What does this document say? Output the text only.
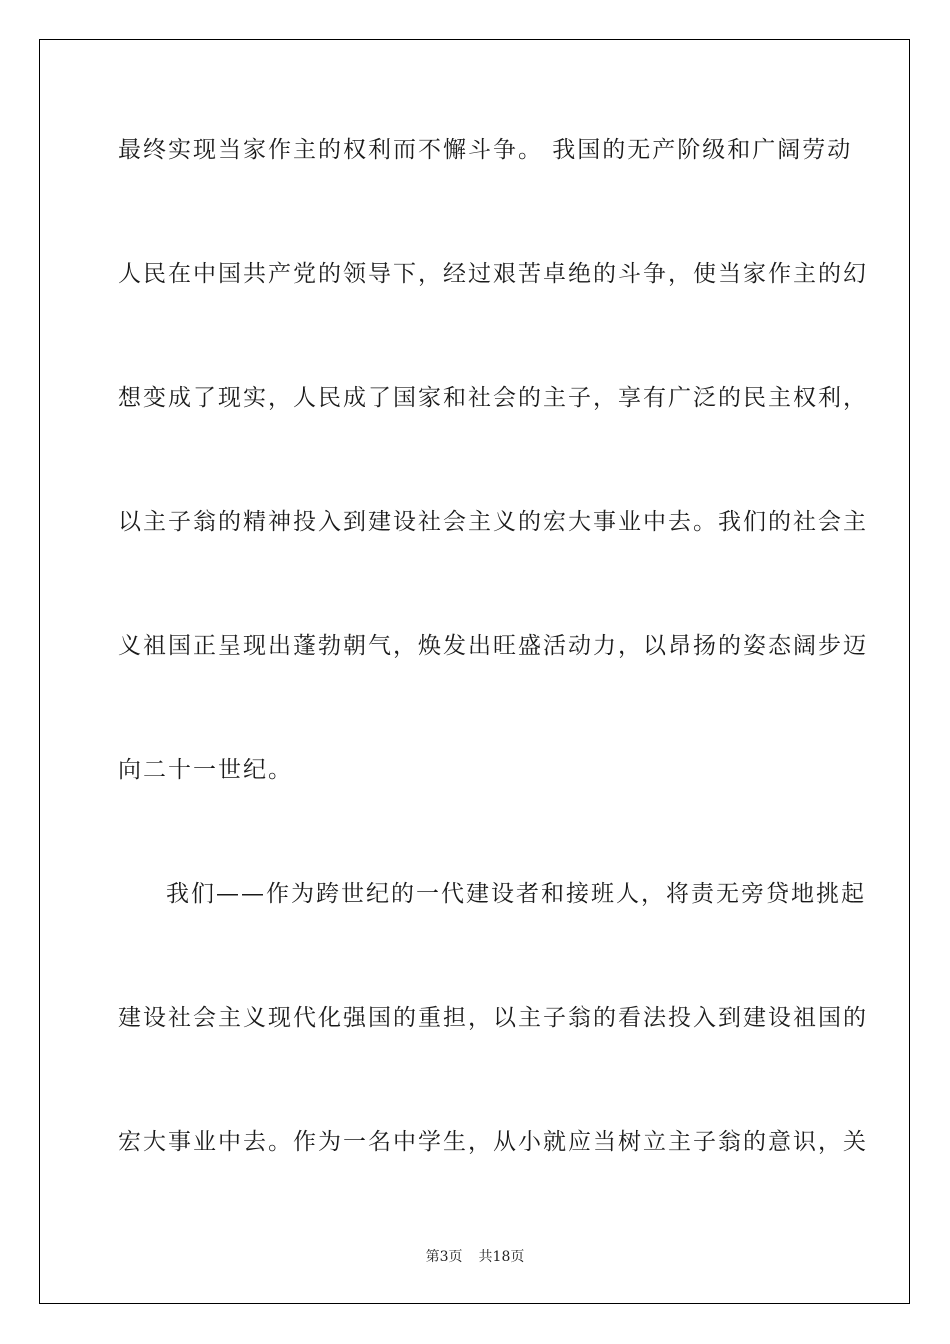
最终实现当家作主的权利而不懈斗争。 我国的无产阶级和广阔劳动
人民在中国共产党的领导下，经过艰苦卓绝的斗争，使当家作主的幻
想变成了现实，人民成了国家和社会的主子，享有广泛的民主权利，
以主子翁的精神投入到建设社会主义的宏大事业中去。我们的社会主
义祖国正呈现出蓬勃朝气，焕发出旺盛活动力，以昂扬的姿态阔步迈
向二十一世纪。
我们——作为跨世纪的一代建设者和接班人，将责无旁贷地挑起
建设社会主义现代化强国的重担，以主子翁的看法投入到建设祖国的
宏大事业中去。作为一名中学生，从小就应当树立主子翁的意识，关
第3页 共18页
